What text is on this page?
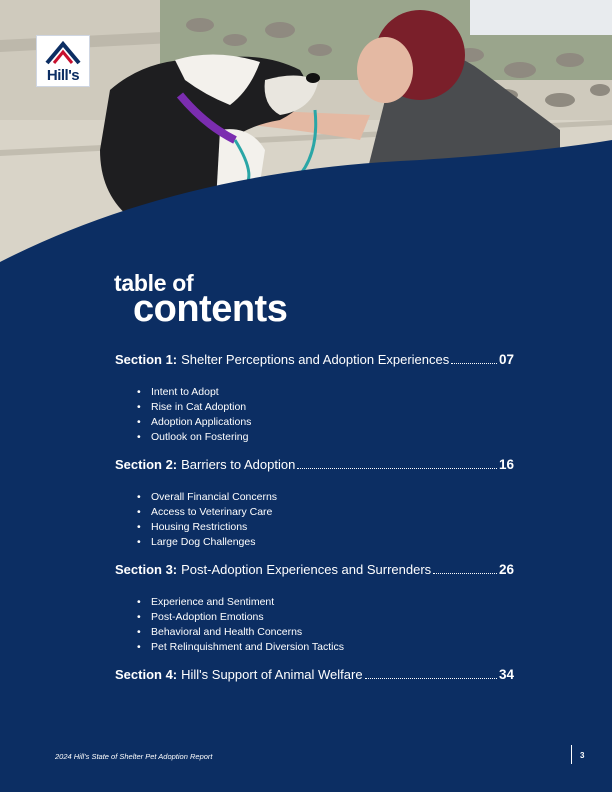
Hill's
table of
contents
Section 1: Shelter Perceptions and Adoption Experiences	07
• Intent to Adopt
• Rise in Cat Adoption
• Adoption Applications
• Outlook on Fostering
Section 2: Barriers to Adoption	16
• Overall Financial Concerns
• Access to Veterinary Care
• Housing Restrictions
• Large Dog Challenges
Section 3: Post-Adoption Experiences and Surrenders	26
• Experience and Sentiment
• Post-Adoption Emotions
• Behavioral and Health Concerns
• Pet Relinquishment and Diversion Tactics
Section 4: Hill's Support of Animal Welfare	34
2024 Hill's State of Shelter Pet Adoption Report	3
